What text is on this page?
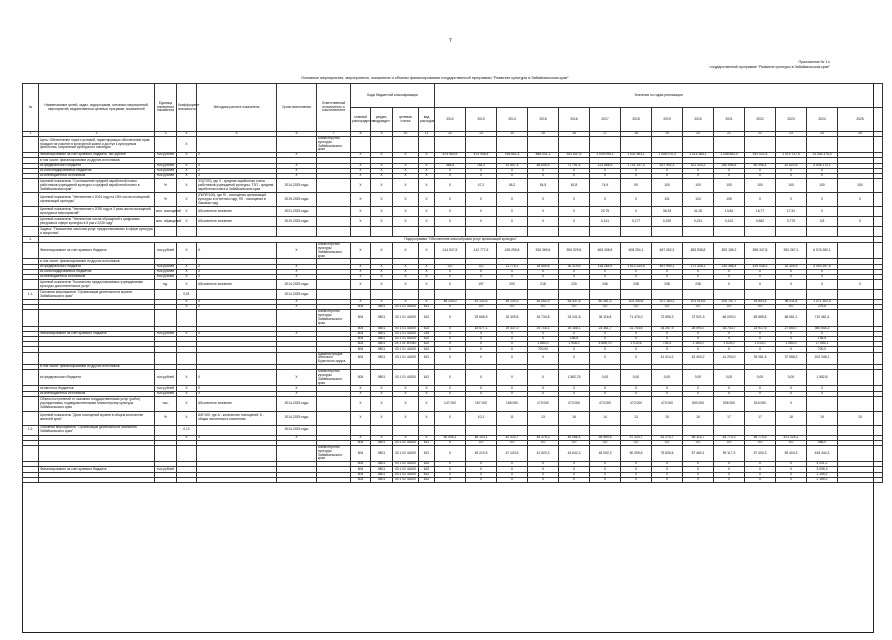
7
Приложение № 1 к
государственной программе "Развитие культуры в Забайкальском крае"
Основные мероприятия, мероприятия, показатели и объемы финансирования государственной программы "Развитие культуры в Забайкальском крае"
№	Наименование целей, задач, подпрограмм, основных мероприятий, мероприятий, ведомственных целевых программ, показателей	Единица измерения показателя	Коэффициент значимости	Методика расчета показателя	Сроки выполнения	Ответственный исполнитель и соисполнители	Коды бюджетной классификации				Значения по годам реализации														
							главный распорядитель	раздел, подраздел	целевая статья	вид расходов	2012	2013	2014	2015	2016	2017	2018	2019	2020	2021	2022	2023	2024	2025	
1	2	3	4	5	6	7	8	9	10	11	12	13	14	15	16	17	18	19	20	21	22	23	24	25	
	Цель: Обеспечение норм и условий, гарантирующих обеспечение прав граждан на участие в культурной жизни и доступ к культурным ценностям, сохранение культурного наследия		X			Министерство культуры Забайкальского края																			
	Финансирование за счет краевого бюджета, тыс.рублей	тыс.рублей	X	X	X		X	X	X	X	674 963,9	674 946,5	766 661,5	885 041,1	931 847,9	1 049 095,1	1 041 983,1	1 006 070,3	1 014 365,1	1 048 683,0	931 021,5	1 019 737,5	14 046 375,4		
	в том числе: финансирование из других источников																								
	из федерального бюджета	тыс.рублей	X	X	X		X	X	X	X	464,8	764,3	10 857,4	46 845,9	71 791,4	123 866,9	1 701 147,0	637 992,3	321 333,2	280 696,5	60 096,4	42 622,6	3 506 170,1		
	из консолидированных бюджетов	тыс.рублей	X	X	X		X	X	X	X	X	X	X	X	X	X	X	X	X	X	X	X	X		
	из внебюджетных источников	тыс.рублей	X	X	X		X	X	X	X	X	X	X	X	X	X	X	X	X	X	X	X	X		
	Целевой показатель "Соотношение средней заработной платы работников учреждений культуры и средней заработной платы в Забайкальском крае"	%	X	З/З(ТЗП), где З - средняя заработная плата работников учреждений культуры; ТЗП - средняя заработная плата в Забайкальском крае	2014-2025 годы		X	X	X	X	X	47,2	48,2	54,5	62,8	74,9	90	100	100	100	100	100	100	100	
	Целевой показатель "Увеличение к 2024 году на 15% числа посещений организаций культуры"	%	X	(Пi/Пб*100), где Пi - посещения организаций культуры в отчетном году; Пб - посещения в базовом году	2019-2025 годы		X	X	X	X	X	X	X	X	X	X	X	101	103	105	X	X	X	X	
	Целевой показатель "Увеличение к 2030 году в 2 раза числа посещений культурных мероприятий"	млн. посещений	X	Абсолютное значение	2021-2025 годы		X	X	X	X	X	X	X	X	X	20,75	X	36,33	41,25	13,84	16,77	17,51	X		
	Целевой показатель "Увеличение числа обращений к цифровым ресурсам в сфере культуры в 5 раз к 2030 году"	млн. обращений	X	Абсолютное значение	2019-2025 годы		X	X	X	X	X	X	X	X	X	0,141	0,177	0,190	0,231	0,412	0,562	0,775	0,8	X	
	Задача: "Повышение качества услуг, предоставляемых в сфере культуры и искусства"																								
1.	Подпрограмма "Обеспечение многообразия услуг организаций культуры"																								
	Финансирование за счет краевого бюджета	тыс.рублей	X	X	X	Министерство культуры Забайкальского края	X	X	X	X	414 547,5	412 777,6	435 295,8	526 369,6	594 929,5	663 408,5	605 294,1	667 052,2	583 538,8	592 185,2	598 347,8	592 267,1	6 576 280,1		
	в том числе: финансирование из других источников																								
	из федерального бюджета	тыс.рублей	X	X	X		X	X	X	X	0,0	0,0	11 776,1	18 550,8	30 319,8	118 264,9	1 513 144,8	467 990,1	271 326,1	230 356,4	429 036,3	32 300,9	3 053 397,5		
	из консолидированных бюджетов	тыс.рублей	X	X	X		X	X	X	X	X	X	X	X	X	X	X	X	X	X	X	X	X		
	из внебюджетных источников	тыс.рублей	X	X	X		X	X	X	X	X	X	X	X	X	X	X	X	X	X	X	X	X		
	Целевой показатель "Количество предоставляемых учреждениями культуры дополнительных услуг"	ед.	X	Абсолютное значение	2014-2025 годы		X	X	X	X	X	197	200	218	220	246	248	248	248	X	X	X	X	X	
1.1.	Основное мероприятие "Организация деятельности музеев Забайкальского края"		0,51		2014-2025 годы																				
			X	X	X		X	X	X	X	48 244,0	51 142,5	49 100,3	54 452,9	54 437,8	60 381,3	103 190,6	107 163,2	101 015,6	100 757,7	93 803,4	96 411,8	1 071 302,5		
			X	X	X		804	0801	03 1 01 44200	611	X	0,0	0,0	0,0	0,0	0,0	0,0	0,0	0,0	0,0	0,0	0,0	276,8		
						Министерство культуры Забайкальского края	804	0801	03 1 01 44200	612	X	29 666,9	32 305,5	34 734,8	34 241,8	36 116,8	71 476,0	72 895,3	72 921,9	66 009,0	69 885,8	68 561,1	710 481,4		
							804	0801	03 1 01 44200	622	X	18 577,1	19 337,0	19 718,1	20 188,1	23 361,7	31 704,6	34 267,9	28 093,7	34 743,7	23 917,6	27 850,7	360 544,3		
	Финансирование за счет краевого бюджета	тыс.рублей	X	X	X		804	0801	03 1 01 44200	244	X	X	X	X	X	X	X	X	X	X	X	X	X		
							804	0801	03 1 01 44200	622	X	X	X	X	195,5	X	X	X	X	X	X	X	195,5		
							804	0801	03 1 01 4R040	622	X	X	X	1 880,0	1 908,0	4 656,70	1 010,6	744,4	1 184,0	1 025,0	1 014,0	1 064,0	17 580,1		
							804	0801	03 1 01 44200	612	X	X	X	700,00	X	X	X	X	X	X	X	X	700,0		
						Администрация Агинского Бурятского округа	804	0801	03 1 01 44200	621	X	X	X	X	X	X	X	41 014,2	43 400,2	41 294,0	39 081,5	37 558,2	202 348,1		
	в том числе: финансирование из других источников																								
	из федерального бюджета	тыс.рублей	X	X	X	Министерство культуры Забайкальского края	804	0801	03 1 01 44200	612	X	X	X	X	1 582,76	0,00	0,00	0,00	0,00	0,00	0,00	0,00	1 582,8		
	из местных бюджетов	тыс.рублей	X	X	X		X	X	X	X	X	X	X	X	X	X	X	X	X	X	X	X	X		
	из внебюджетных источников	тыс.рублей	X	X	X		X	X	X	X	X	X	X	X	X	X	X	X	X	X	X	X	X		
	Объем поступлений от оказания государственными услуг (работ) учреждениями, подведомственными Министерству культуры Забайкальского края	тыс.	X	Абсолютное значение	2014-2025 годы		X	X	X	X	147 000	157 000	168 000	173 000	473 000	473 000	473 000	473 000	500 000	505 000	515 000	X			
	Целевой показатель "Доля посещений музеев в общем количестве жителей края"	%	X	А/Б*100, где А - количество посещений; Б - общая численность населения	2014-2025 годы		X	X	X	X	X	10,1	11	13	16	14	13	15	16	17	17	18	19	20	
1.2.	Основное мероприятие "Организация деятельности библиотек Забайкальского края"		0,12		2014-2025 годы																				
			X	X	X		X	X	X	X	50 095,1	48 103,1	42 320,7	45 375,3	49 086,4	55 989,5	57 333,7	61 275,7	65 114,7	63 770,3	65 770,5	872 225,1			
							804	0801	03 1 02 44200	611	X	0,0	0,0	0,0	0,0	0,0	0,0	0,0	0,0	0,0	0,0	0,0	468,0		
						Министерство культуры Забайкальского края	804	0801	03 1 02 44200	621	X	49 210,5	47 103,5	41 520,3	44 642,3	48 092,3	50 059,6	75 830,6	57 460,1	59 117,9	57 400,3	59 404,3	618 444,3		
							804	0801	03 1 02 44200	622	X	X	X	X	X	X	X	X	X	X	X	X	4 201,2		
	Финансирование за счет краевого бюджета	тыс.рублей					804	0801	03 1 02 44200	622	X	X	X	X	X	X	X	X	X	X	X	X	3 096,3		
							804	0801	03 1 02 44200	612	X	X	X	X	X	X	X	X	X	X	X	X	1 165,2		
							804	0801	03 1 02 44200	612	X	X	X	X	X	X	X	X	X	X	X	X	2 165,2		
